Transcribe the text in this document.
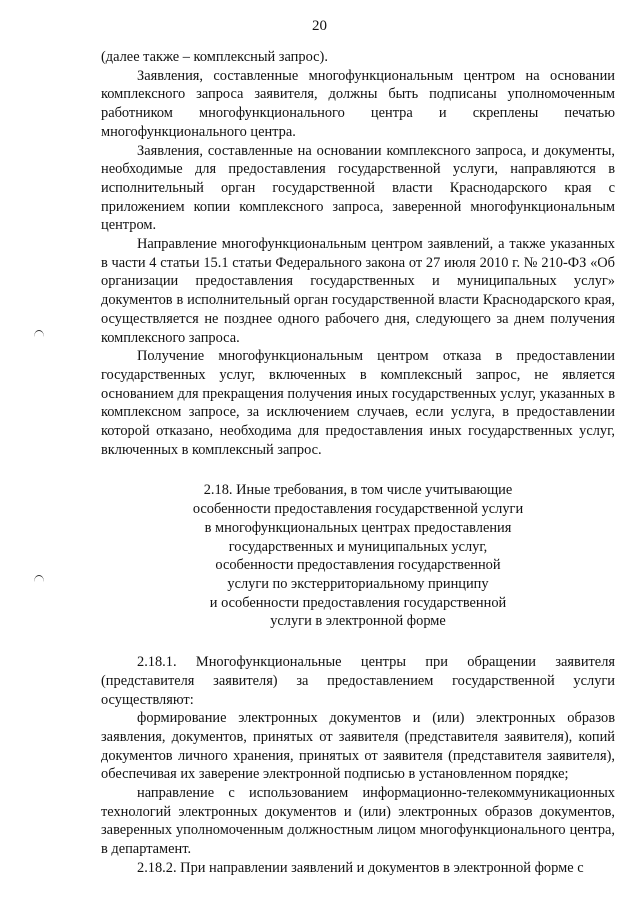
20

(далее также – комплексный запрос).

Заявления, составленные многофункциональным центром на основании комплексного запроса заявителя, должны быть подписаны уполномоченным работником многофункционального центра и скреплены печатью многофункционального центра.

Заявления, составленные на основании комплексного запроса, и документы, необходимые для предоставления государственной услуги, направляются в исполнительный орган государственной власти Краснодарского края с приложением копии комплексного запроса, заверенной многофункциональным центром.

Направление многофункциональным центром заявлений, а также указанных в части 4 статьи 15.1 статьи Федерального закона от 27 июля 2010 г. № 210-ФЗ «Об организации предоставления государственных и муниципальных услуг» документов в исполнительный орган государственной власти Краснодарского края, осуществляется не позднее одного рабочего дня, следующего за днем получения комплексного запроса.

Получение многофункциональным центром отказа в предоставлении государственных услуг, включенных в комплексный запрос, не является основанием для прекращения получения иных государственных услуг, указанных в комплексном запросе, за исключением случаев, если услуга, в предоставлении которой отказано, необходима для предоставления иных государственных услуг, включенных в комплексный запрос.

2.18. Иные требования, в том числе учитывающие
особенности предоставления государственной услуги
в многофункциональных центрах предоставления
государственных и муниципальных услуг,
особенности предоставления государственной
услуги по экстерриториальному принципу
и особенности предоставления государственной
услуги в электронной форме

2.18.1. Многофункциональные центры при обращении заявителя (представителя заявителя) за предоставлением государственной услуги осуществляют:

формирование электронных документов и (или) электронных образов заявления, документов, принятых от заявителя (представителя заявителя), копий документов личного хранения, принятых от заявителя (представителя заявителя), обеспечивая их заверение электронной подписью в установленном порядке;

направление с использованием информационно-телекоммуникационных технологий электронных документов и (или) электронных образов документов, заверенных уполномоченным должностным лицом многофункционального центра, в департамент.

2.18.2. При направлении заявлений и документов в электронной форме с
